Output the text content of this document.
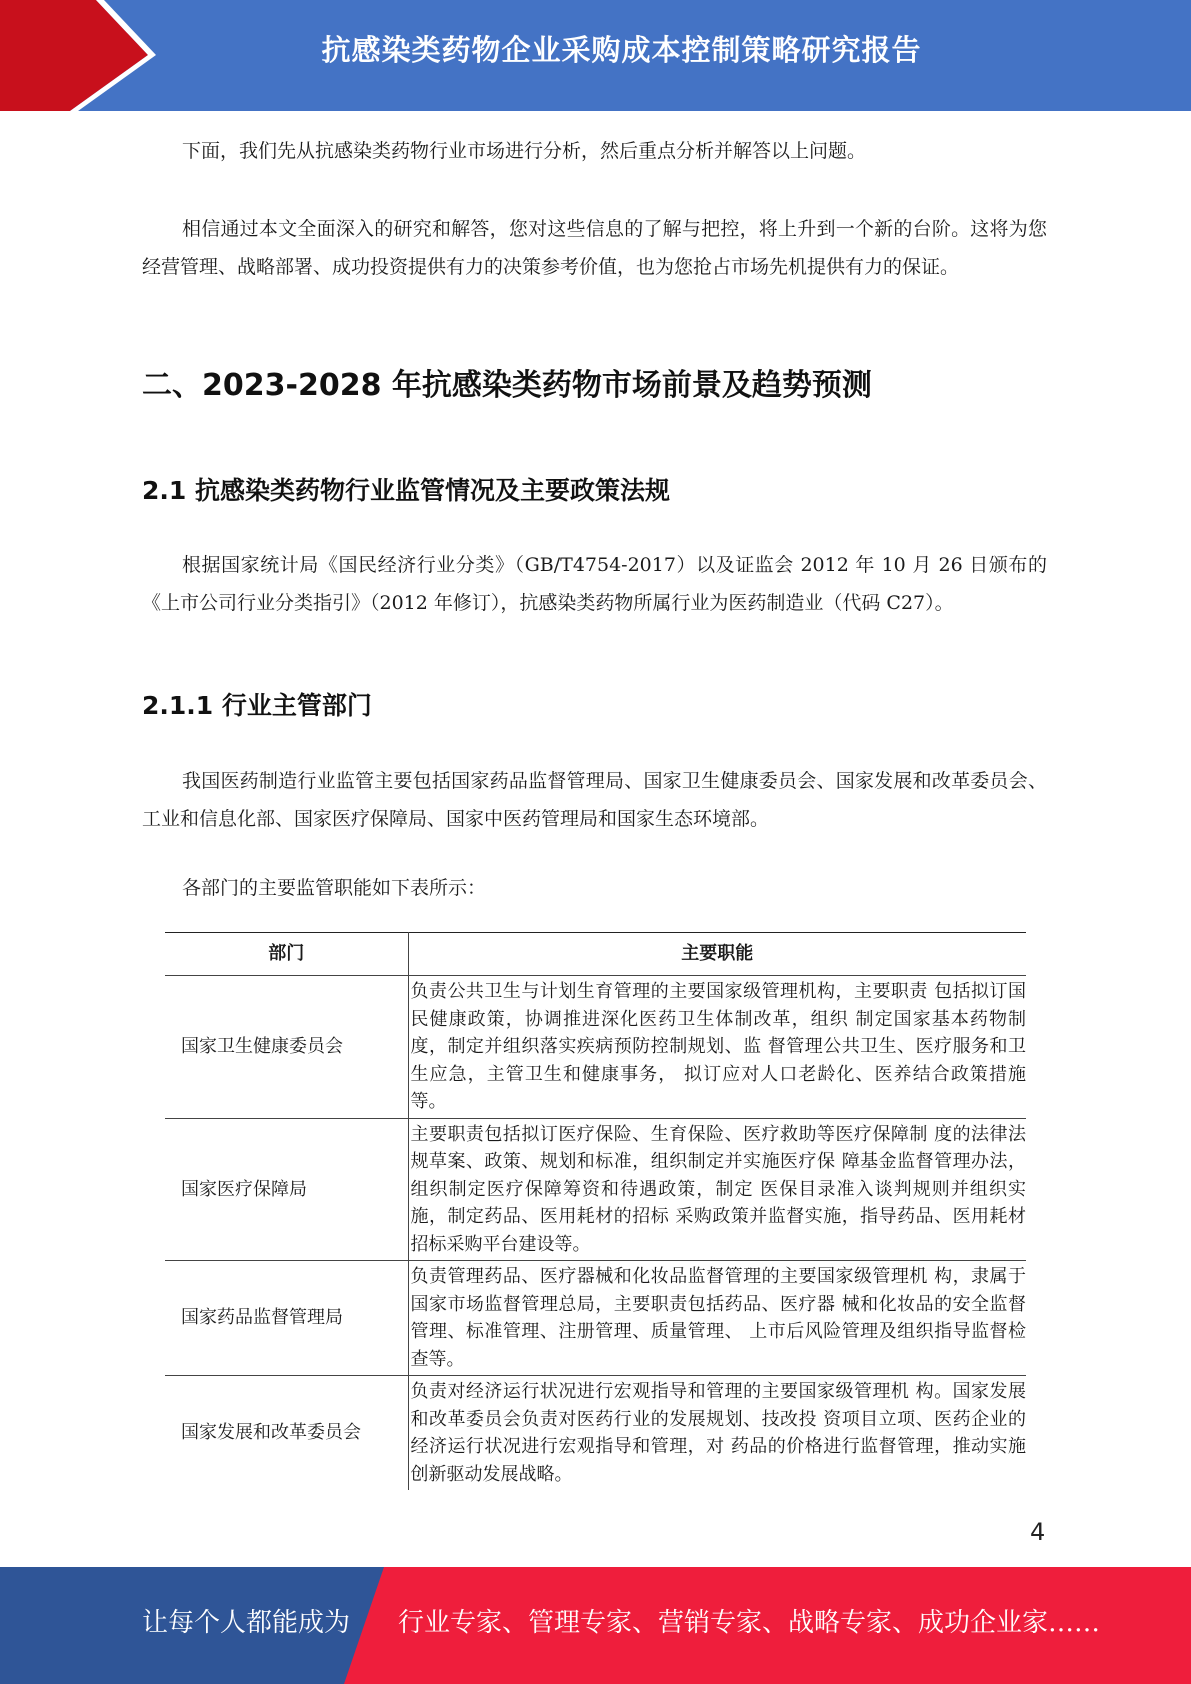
抗感染类药物企业采购成本控制策略研究报告

下面，我们先从抗感染类药物行业市场进行分析，然后重点分析并解答以上问题。

相信通过本文全面深入的研究和解答，您对这些信息的了解与把控，将上升到一个新的台阶。这将为您经营管理、战略部署、成功投资提供有力的决策参考价值，也为您抢占市场先机提供有力的保证。

二、2023-2028 年抗感染类药物市场前景及趋势预测
2.1 抗感染类药物行业监管情况及主要政策法规

根据国家统计局《国民经济行业分类》（GB/T4754-2017）以及证监会 2012 年 10 月 26 日颁布的《上市公司行业分类指引》（2012 年修订），抗感染类药物所属行业为医药制造业（代码 C27）。

2.1.1 行业主管部门

我国医药制造行业监管主要包括国家药品监督管理局、国家卫生健康委员会、国家发展和改革委员会、工业和信息化部、国家医疗保障局、国家中医药管理局和国家生态环境部。

各部门的主要监管职能如下表所示：

部门	主要职能
国家卫生健康委员会	负责公共卫生与计划生育管理的主要国家级管理机构，主要职责 包括拟订国民健康政策，协调推进深化医药卫生体制改革，组织 制定国家基本药物制度，制定并组织落实疾病预防控制规划、监 督管理公共卫生、医疗服务和卫生应急，主管卫生和健康事务， 拟订应对人口老龄化、医养结合政策措施等。
国家医疗保障局	主要职责包括拟订医疗保险、生育保险、医疗救助等医疗保障制 度的法律法规草案、政策、规划和标准，组织制定并实施医疗保 障基金监督管理办法，组织制定医疗保障筹资和待遇政策，制定 医保目录准入谈判规则并组织实施，制定药品、医用耗材的招标 采购政策并监督实施，指导药品、医用耗材招标采购平台建设等。
国家药品监督管理局	负责管理药品、医疗器械和化妆品监督管理的主要国家级管理机 构，隶属于国家市场监督管理总局，主要职责包括药品、医疗器 械和化妆品的安全监督管理、标准管理、注册管理、质量管理、 上市后风险管理及组织指导监督检查等。
国家发展和改革委员会	负责对经济运行状况进行宏观指导和管理的主要国家级管理机 构。国家发展和改革委员会负责对医药行业的发展规划、技改投 资项目立项、医药企业的经济运行状况进行宏观指导和管理，对 药品的价格进行监督管理，推动实施创新驱动发展战略。
4
让每个人都能成为 行业专家、管理专家、营销专家、战略专家、成功企业家……
